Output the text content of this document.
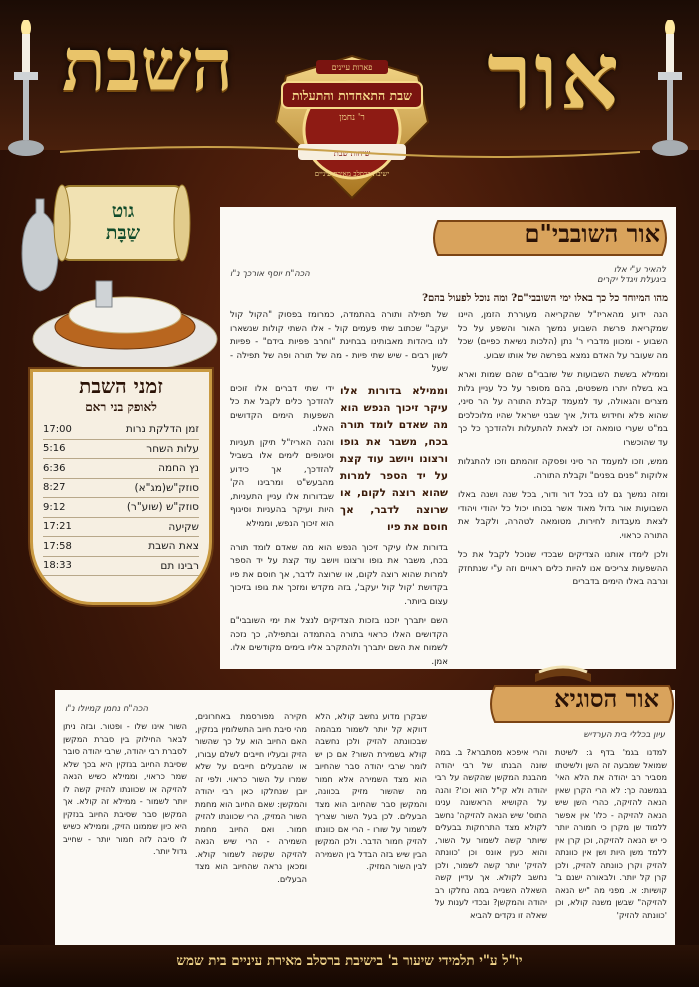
אור
השבת	פארות עיינים
שבת התאחדות והתעלות
ר' נחמן
שיחות שבת
ישיבת ברסלב מאירת עיניים
גוט
שַבָּת
זמני השבת
לאופק בני ראם
17:00	זמן הדלקת נרות
5:16	עלות השחר
6:36	נץ החמה
8:27	סוזק"ש(מג"א)
9:12	סוזק"ש (שוע"ר)
17:21	שקיעה
17:58	צאת השבת
18:33	רבינו תם
אור השובבי"ם
להאיר ע"י אלו
ביגעלת ויגדל יקרים
הכה"ח יוסף אורכך נ"ו
מהו המיוחד כל כך באלו ימי השובבי"ם? ומה נוכל לפעול בהם?

הנה ידוע מהאריז"ל שהקריאה מעוררת הזמן, היינו שמקריאת פרשת השבוע נמשך האור והשפע על כל השבוע - ומכוון מדברי ר' נתן (הלכות נשיאת כפיים) שכל מה שעובר על האדם נמצא בפרשה של אותו שבוע.

וממילא בששת השבועות של שובבי"ם שהם שמות וארא בא בשלח יתרו משפטים, בהם מסופר על כל עניין גלות מצרים והגאולה, עד למעמד קבלת התורה על הר סיני, שהוא פלא וחידוש גדול, איך שבני ישראל שהיו מלוכלכים במ"ט שערי טומאה זכו לצאת להתעלות ולהזדכך כל כך עד שהוכשרו

ממש, וזכו למעמד הר סיני ופסקה זוהמתם וזכו להתגלות אלוקות "פנים בפנים" וקבלת התורה.

ומזה נמשך גם לנו בכל דור ודור, בכל שנה ושנה באלו השבועות אור גדול מאוד אשר בכוחו יכול כל יהודי ויהודי לצאת מעבדות לחירות, מטומאה לטהרה, ולקבל את התורה כראוי.

ולכן לימדו אותנו הצדיקים שבכדי שנוכל לקבל את כל ההשפעות צריכים אנו להיות כלים ראויים וזה ע"י שנתחזק ונרבה באלו הימים בדברים

של תפילה ותורה בהתמדה, כמרומז בפסוק "הקול קול יעקב" שכתוב שתי פעמים קול - אלו השתי קולות שנשארו לנו ביהדות מאבותינו בבחינת "וחרב פפיות בידם" - פפיות לשון רבים - שיש שתי פיות - מה של תורה ופה של תפילה - שעל

וממילא בדורות אלו עיקר זיכוך הנפש הוא מה שאדם לומד תורה בכח, משבר את גופו ורצונו ויושב עוד קצת על יד הספר למרות שהוא רוצה לקום, או שרוצה לדבר, אך חוסם את פיו
ידי שתי דברים אלו זוכים להזדכך כלים לקבל את כל השפעות הימים הקדושים האלו.
והנה האריז"ל תיקן תעניות וסיגופים לימים אלו בשביל להזדכך, אך כידוע מהבעש"ט ומרבינו הק' שבדורות אלו עניין התעניות, היות ועיקר בהעניות וסיגוף הוא זיכוך הנפש, וממילא

בדורות אלו עיקר זיכוך הנפש הוא מה שאדם לומד תורה בכח, משבר את גופו ורצונו ויושב עוד קצת על יד הספר למרות שהוא רוצה לקום, או שרוצה לדבר, אך חוסם את פיו בקדושת 'קול קול יעקב', בזה מקדש ומזכך את גופו בזיכוך עצום ביותר.

השם יתברך יזכנו בזכות הצדיקים לנצל את ימי השובבי"ם הקדושים האלו כראוי בתורה בהתמדה ובתפילה, כך נזכה לשמוח את השם יתברך ולהתקרב אליו בימים מקודשים אלו. אמן.

אור הסוגיא
עיון בכללי בית הערדיש
הכה"ח נחמן קמיולו נ"ו
למדנו בגמ' בדף ג: לשיטת שמואל שמבעה זה השן ולשיטתו מסביר רב יהודה את הלא האי' בגמשנה כך: לא הרי הקרן שאין הנאה להזיקה, כהרי השן שיש הנאה להזיקה - כלו' אין אפשר ללמוד שן מקרן כי חמורה יותר כי יש הנאה להזיקה, וכן קרן אין ללמד משן היות ושן אין כוונתה להזיק וקרן כוונתה להזיק, ולכן קרן קל יותר. ולבאורה ישנם ב' קושיות: א. מפני מה "יש הנאה להזיקה" שבשן משנה קולא, וכן 'כוונתה להזיק'
והרי איפכא מסתברא? ב. במה שונה הבנתו של רבי יהודה מהבנת המקשן שהקשה על רבי יהודה ולא קי"ל הוא וכו'? והנה על הקושיא הראשונה ענינו התוס' שיש הנאה להזיקה' נחשב לקולא מצד התרחקות בבעלים שיותר קשה לשמור על השור, והוא כעין אונס וכן 'כוונתה להזיק' יותר קשה לשמור, ולכן נחשב לקולא. אך עדיין קשה השאלה השנייה במה נחלקו רב יהודה והמקשן? ובכדי לענות על שאלה זו נקדים להביא
שבקרן מדוע נחשב קולא, הלא דווקא קל יותר לשמור מבהמה שבכוונתה להזיק ולכן נחשבה קולא בשמירת השור? אם כן יש לומר שרבי יהודה סבר שהחיוב הוא מצד השמירה אלא חמור מה שהשור מזיק בכוונה, והמקשן סבר שהחיוב הוא מצד הבעלים. לכן בעל השור שצריך לשמור על שורו - הרי אם כוונתו להזיק חמור הדבר. ולכן המקשן הבין שיש בזה הבדל בין השמירה לבין השור המזיק.
חקירה מפורסמת באחרונים, מהי סיבת חיוב התשלומין בנזקין, האם החיוב הוא על כך שהשור הזיק ובעליו חייבים לשלם עבורו, או שהבעלים חייבים על שלא שמרו על השור כראוי. ולפי זה יובן שנחלקו כאן רבי יהודה והמקשן: שאם החיוב הוא מחמת השור המזיק, הרי שכוונתו להזיק חמור. ואם החיוב מחמת השמירה - הרי שיש הנאה להזיקה שקשה לשמור קולא. ומכאן נראה שהחיוב הוא מצד הבעלים.
השור אינו שלו - ופטור. ובזה ניתן לבאר החילוק בין סברת המקשן לסברת רבי יהודה, שרבי יהודה סובר שסיבת החיוב בנזקין היא בכך שלא שמר כראוי, וממילא כשיש הנאה להזיקה או שכוונתו להזיק קשה לו יותר לשמור - ממילא זה קולא. אך המקשן סבר שסיבת החיוב בנזקין היא כיון שממונו הזיק, וממילא כשיש לו סיבה לזה חמור יותר - שחייב גדול יותר.
יו"ל ע"י תלמידי שיעור ב' בישיבת ברסלב מאירת עיניים בית שמש
